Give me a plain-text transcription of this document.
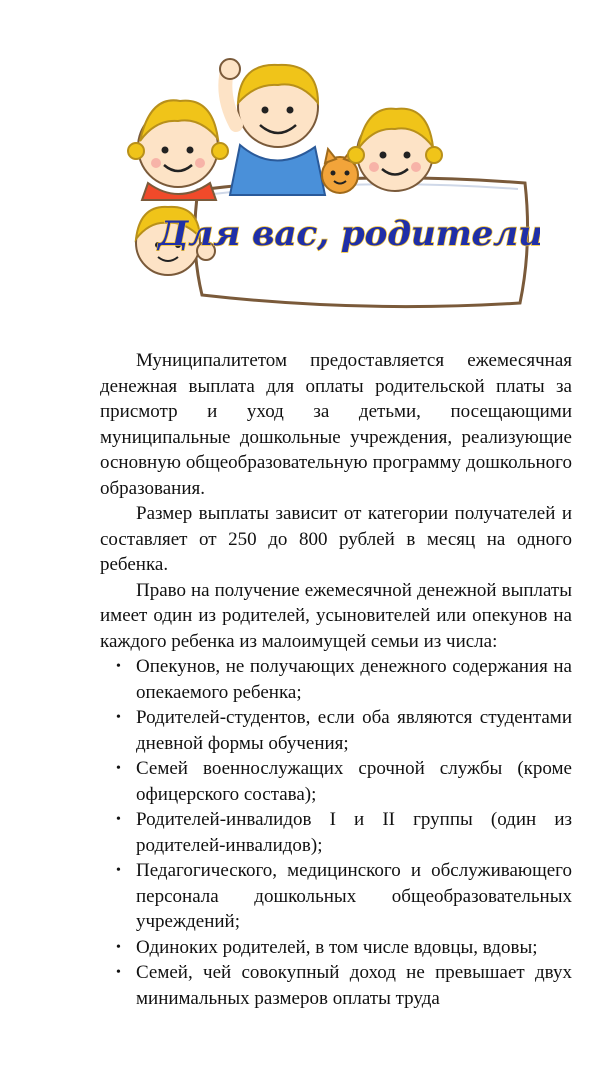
Для вас, родители!

Муниципалитетом предоставляется ежемесячная денежная выплата для оплаты родительской платы за присмотр и уход за детьми, посещающими муниципальные дошкольные учреждения, реализующие основную общеобразовательную программу дошкольного образования.

Размер выплаты зависит от категории получателей и составляет от 250 до 800 рублей в месяц на одного ребенка.

Право на получение ежемесячной денежной выплаты имеет один из родителей, усыновителей или опекунов на каждого ребенка из малоимущей семьи из числа:

• Опекунов, не получающих денежного содержания на опекаемого ребенка;
• Родителей-студентов, если оба являются студентами дневной формы обучения;
• Семей военнослужащих срочной службы (кроме офицерского состава);
• Родителей-инвалидов I и II группы (один из родителей-инвалидов);
• Педагогического, медицинского и обслуживающего персонала дошкольных общеобразовательных учреждений;
• Одиноких родителей, в том числе вдовцы, вдовы;
• Семей, чей совокупный доход не превышает двух минимальных размеров оплаты труда
